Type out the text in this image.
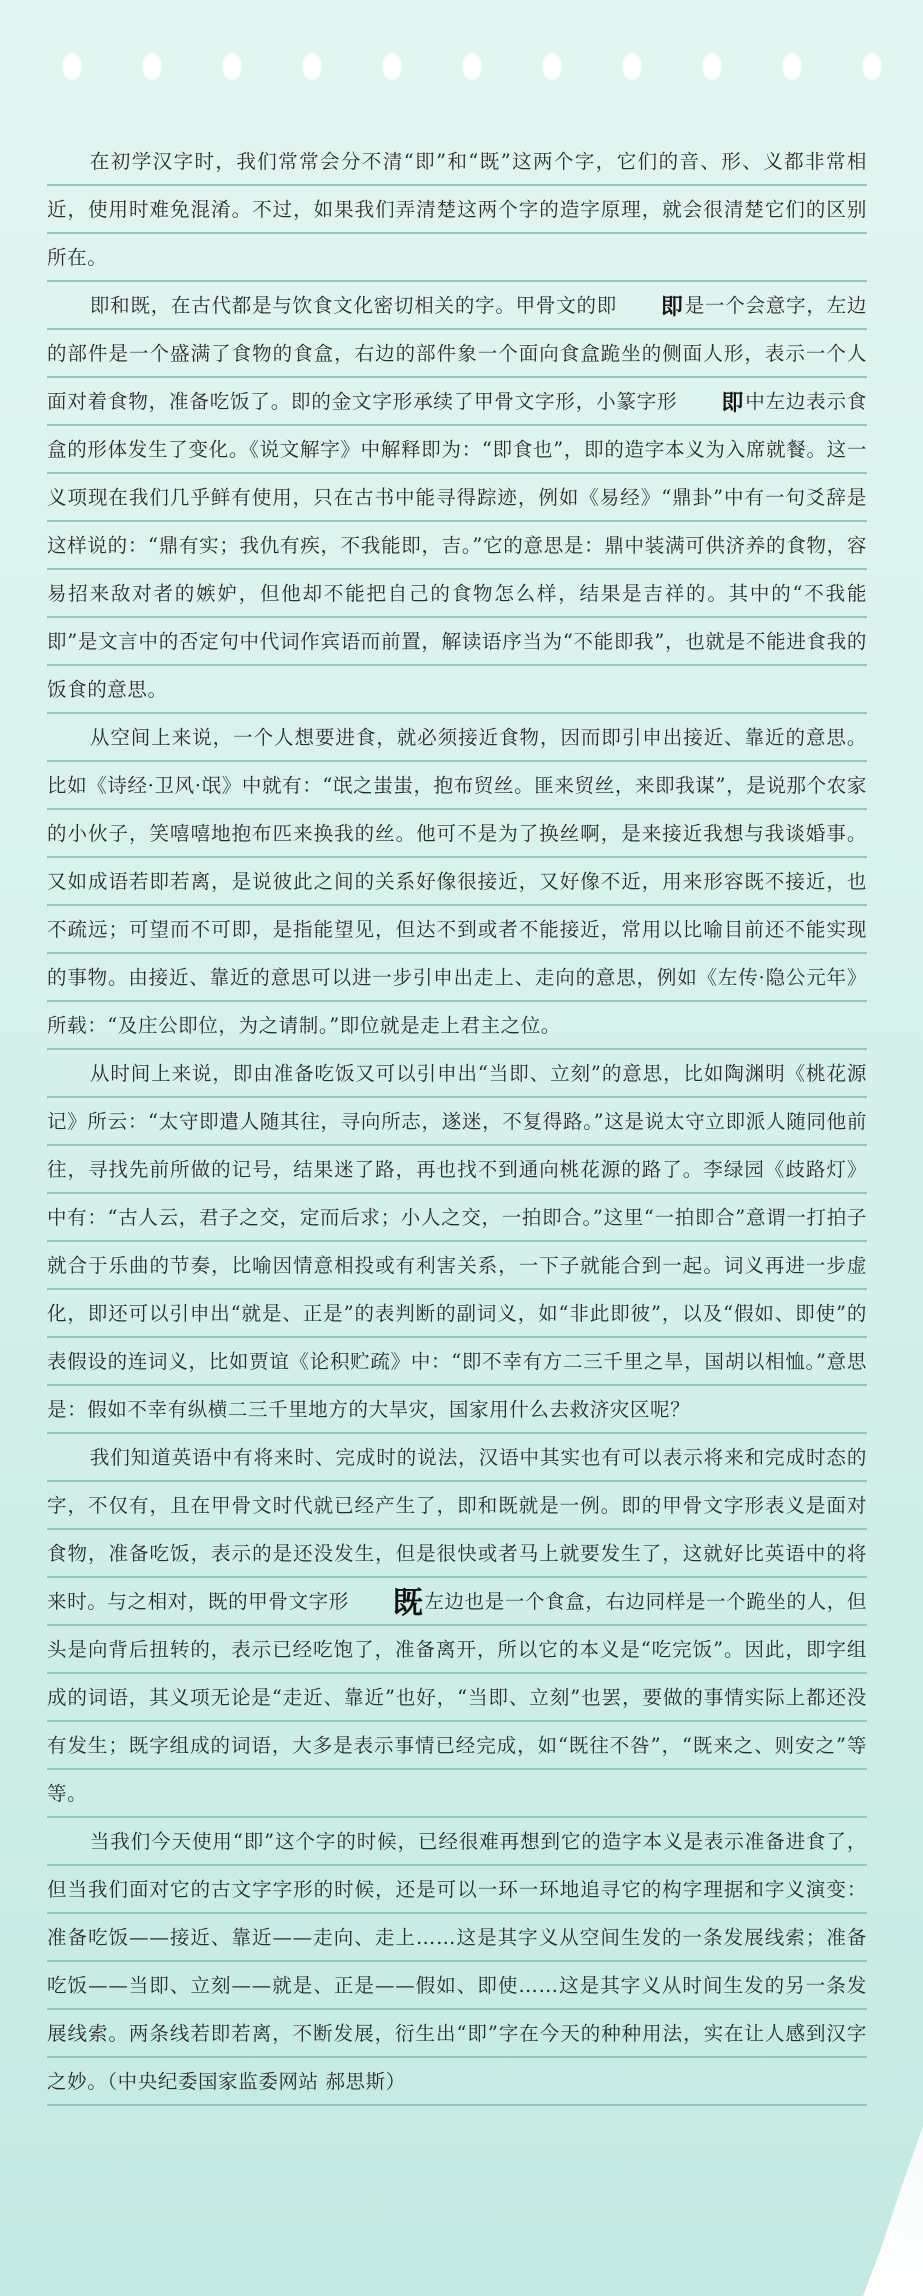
在初学汉字时，我们常常会分不清“即”和“既”这两个字，它们的音、形、义都非常相近，使用时难免混淆。不过，如果我们弄清楚这两个字的造字原理，就会很清楚它们的区别所在。

即和既，在古代都是与饮食文化密切相关的字。甲骨文的即 即是一个会意字，左边的部件是一个盛满了食物的食盒，右边的部件象一个面向食盒跪坐的侧面人形，表示一个人面对着食物，准备吃饭了。即的金文字形承续了甲骨文字形，小篆字形 即中左边表示食盒的形体发生了变化。《说文解字》中解释即为：“即食也”，即的造字本义为入席就餐。这一义项现在我们几乎鲜有使用，只在古书中能寻得踪迹，例如《易经》“鼎卦”中有一句爻辞是这样说的：“鼎有实；我仇有疾，不我能即，吉。”它的意思是：鼎中装满可供济养的食物，容易招来敌对者的嫉妒，但他却不能把自己的食物怎么样，结果是吉祥的。其中的“不我能即”是文言中的否定句中代词作宾语而前置，解读语序当为“不能即我”，也就是不能进食我的饭食的意思。

从空间上来说，一个人想要进食，就必须接近食物，因而即引申出接近、靠近的意思。比如《诗经·卫风·氓》中就有：“氓之蚩蚩，抱布贸丝。匪来贸丝，来即我谋”，是说那个农家的小伙子，笑嘻嘻地抱布匹来换我的丝。他可不是为了换丝啊，是来接近我想与我谈婚事。又如成语若即若离，是说彼此之间的关系好像很接近，又好像不近，用来形容既不接近，也不疏远；可望而不可即，是指能望见，但达不到或者不能接近，常用以比喻目前还不能实现的事物。由接近、靠近的意思可以进一步引申出走上、走向的意思，例如《左传·隐公元年》所载：“及庄公即位，为之请制。”即位就是走上君主之位。

从时间上来说，即由准备吃饭又可以引申出“当即、立刻”的意思，比如陶渊明《桃花源记》所云：“太守即遣人随其往，寻向所志，遂迷，不复得路。”这是说太守立即派人随同他前往，寻找先前所做的记号，结果迷了路，再也找不到通向桃花源的路了。李绿园《歧路灯》中有：“古人云，君子之交，定而后求；小人之交，一拍即合。”这里“一拍即合”意谓一打拍子就合于乐曲的节奏，比喻因情意相投或有利害关系，一下子就能合到一起。词义再进一步虚化，即还可以引申出“就是、正是”的表判断的副词义，如“非此即彼”，以及“假如、即使”的表假设的连词义，比如贾谊《论积贮疏》中：“即不幸有方二三千里之旱，国胡以相恤。”意思是：假如不幸有纵横二三千里地方的大旱灾，国家用什么去救济灾区呢？

我们知道英语中有将来时、完成时的说法，汉语中其实也有可以表示将来和完成时态的字，不仅有，且在甲骨文时代就已经产生了，即和既就是一例。即的甲骨文字形表义是面对食物，准备吃饭，表示的是还没发生，但是很快或者马上就要发生了，这就好比英语中的将来时。与之相对，既的甲骨文字形 既左边也是一个食盒，右边同样是一个跪坐的人，但头是向背后扭转的，表示已经吃饱了，准备离开，所以它的本义是“吃完饭”。因此，即字组成的词语，其义项无论是“走近、靠近”也好，“当即、立刻”也罢，要做的事情实际上都还没有发生；既字组成的词语，大多是表示事情已经完成，如“既往不咎”，“既来之、则安之”等等。

当我们今天使用“即”这个字的时候，已经很难再想到它的造字本义是表示准备进食了，但当我们面对它的古文字字形的时候，还是可以一环一环地追寻它的构字理据和字义演变：准备吃饭——接近、靠近——走向、走上……这是其字义从空间生发的一条发展线索；准备吃饭——当即、立刻——就是、正是——假如、即使……这是其字义从时间生发的另一条发展线索。两条线若即若离，不断发展，衍生出“即”字在今天的种种用法，实在让人感到汉字之妙。（中央纪委国家监委网站 郝思斯）
